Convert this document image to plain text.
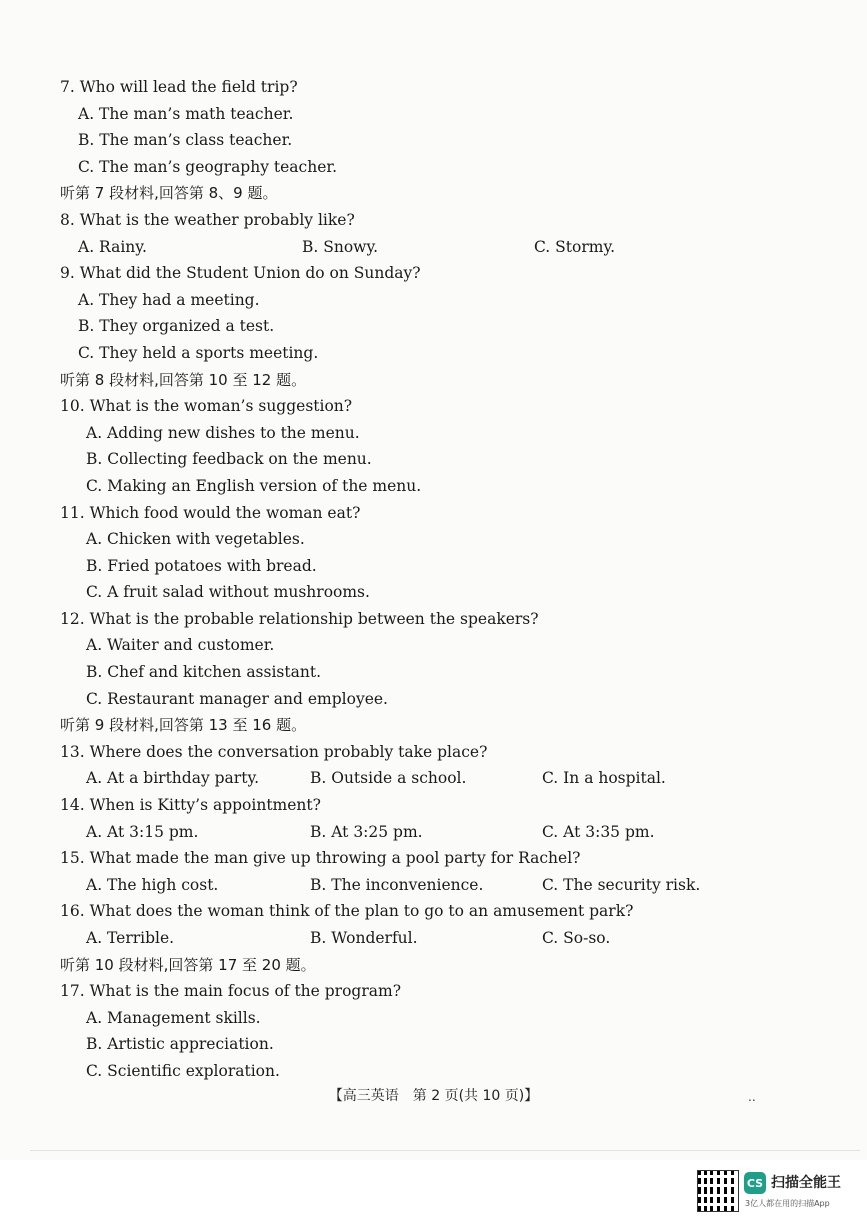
7. Who will lead the field trip?
A. The man’s math teacher.
B. The man’s class teacher.
C. The man’s geography teacher.
听第 7 段材料,回答第 8、9 题。
8. What is the weather probably like?
A. Rainy.	B. Snowy.	C. Stormy.
9. What did the Student Union do on Sunday?
A. They had a meeting.
B. They organized a test.
C. They held a sports meeting.
听第 8 段材料,回答第 10 至 12 题。
10. What is the woman’s suggestion?
A. Adding new dishes to the menu.
B. Collecting feedback on the menu.
C. Making an English version of the menu.
11. Which food would the woman eat?
A. Chicken with vegetables.
B. Fried potatoes with bread.
C. A fruit salad without mushrooms.
12. What is the probable relationship between the speakers?
A. Waiter and customer.
B. Chef and kitchen assistant.
C. Restaurant manager and employee.
听第 9 段材料,回答第 13 至 16 题。
13. Where does the conversation probably take place?
A. At a birthday party.	B. Outside a school.	C. In a hospital.
14. When is Kitty’s appointment?
A. At 3:15 pm.	B. At 3:25 pm.	C. At 3:35 pm.
15. What made the man give up throwing a pool party for Rachel?
A. The high cost.	B. The inconvenience.	C. The security risk.
16. What does the woman think of the plan to go to an amusement park?
A. Terrible.	B. Wonderful.	C. So-so.
听第 10 段材料,回答第 17 至 20 题。
17. What is the main focus of the program?
A. Management skills.
B. Artistic appreciation.
C. Scientific exploration.
【高三英语　第 2 页(共 10 页)】	..
CS 扫描全能王
3亿人都在用的扫描App
